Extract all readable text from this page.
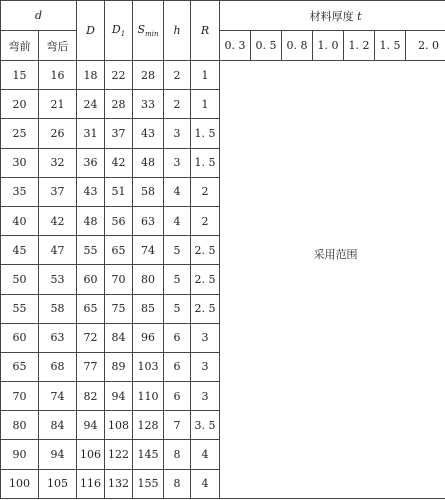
d		D	$D_1$	$S_{min}$	h	R	材料厚度 t						
弯前	弯后						0. 3	0. 5	0. 8	1. 0	1. 2	1. 5	2. 0
15	16	18	22	28	2	1	采用范围						

20	21	24	28	33	2	1							
25	26	31	37	43	3	1. 5							
30	32	36	42	48	3	1. 5							
35	37	43	51	58	4	2							
40	42	48	56	63	4	2							
45	47	55	65	74	5	2. 5							
50	53	60	70	80	5	2. 5							
55	58	65	75	85	5	2. 5							
60	63	72	84	96	6	3							
65	68	77	89	103	6	3							
70	74	82	94	110	6	3							
80	84	94	108	128	7	3. 5							
90	94	106	122	145	8	4							
100	105	116	132	155	8	4							
